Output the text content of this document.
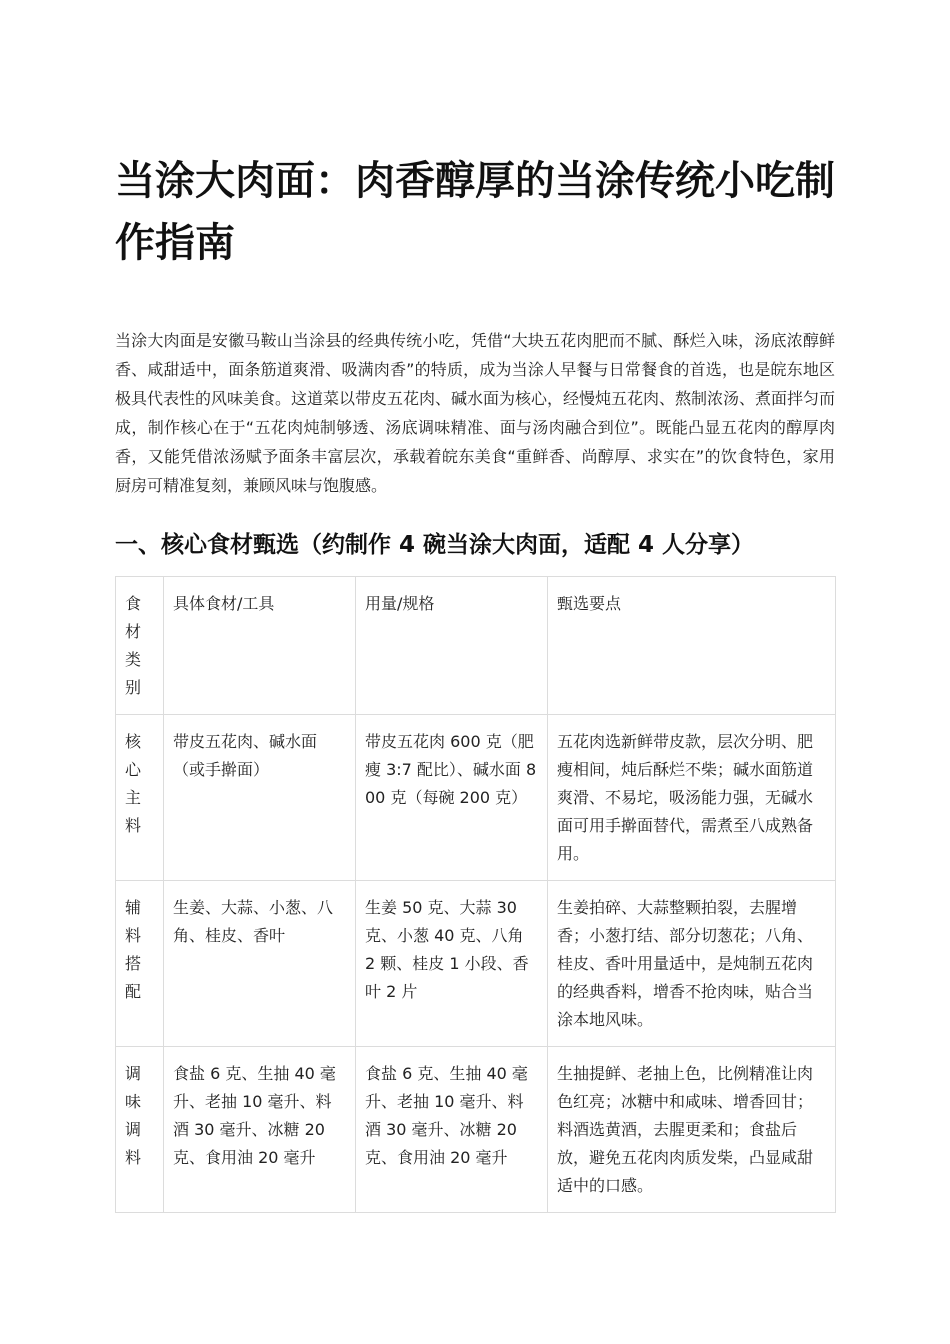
当涂大肉面：肉香醇厚的当涂传统小吃制作指南

当涂大肉面是安徽马鞍山当涂县的经典传统小吃，凭借“大块五花肉肥而不腻、酥烂入味，汤底浓醇鲜香、咸甜适中，面条筋道爽滑、吸满肉香”的特质，成为当涂人早餐与日常餐食的首选，也是皖东地区极具代表性的风味美食。这道菜以带皮五花肉、碱水面为核心，经慢炖五花肉、熬制浓汤、煮面拌匀而成，制作核心在于“五花肉炖制够透、汤底调味精准、面与汤肉融合到位”。既能凸显五花肉的醇厚肉香，又能凭借浓汤赋予面条丰富层次，承载着皖东美食“重鲜香、尚醇厚、求实在”的饮食特色，家用厨房可精准复刻，兼顾风味与饱腹感。

一、核心食材甄选（约制作 4 碗当涂大肉面，适配 4 人分享）
食材类别	具体食材/工具	用量/规格	甄选要点
核心主料	带皮五花肉、碱水面（或手擀面）	带皮五花肉 600 克（肥瘦 3:7 配比）、碱水面 800 克（每碗 200 克）	五花肉选新鲜带皮款，层次分明、肥瘦相间，炖后酥烂不柴；碱水面筋道爽滑、不易坨，吸汤能力强，无碱水面可用手擀面替代，需煮至八成熟备用。
辅料搭配	生姜、大蒜、小葱、八角、桂皮、香叶	生姜 50 克、大蒜 30 克、小葱 40 克、八角 2 颗、桂皮 1 小段、香叶 2 片	生姜拍碎、大蒜整颗拍裂，去腥增香；小葱打结、部分切葱花；八角、桂皮、香叶用量适中，是炖制五花肉的经典香料，增香不抢肉味，贴合当涂本地风味。
调味调料	食盐 6 克、生抽 40 毫升、老抽 10 毫升、料酒 30 毫升、冰糖 20 克、食用油 20 毫升	食盐 6 克、生抽 40 毫升、老抽 10 毫升、料酒 30 毫升、冰糖 20 克、食用油 20 毫升	生抽提鲜、老抽上色，比例精准让肉色红亮；冰糖中和咸味、增香回甘；料酒选黄酒，去腥更柔和；食盐后放，避免五花肉肉质发柴，凸显咸甜适中的口感。
